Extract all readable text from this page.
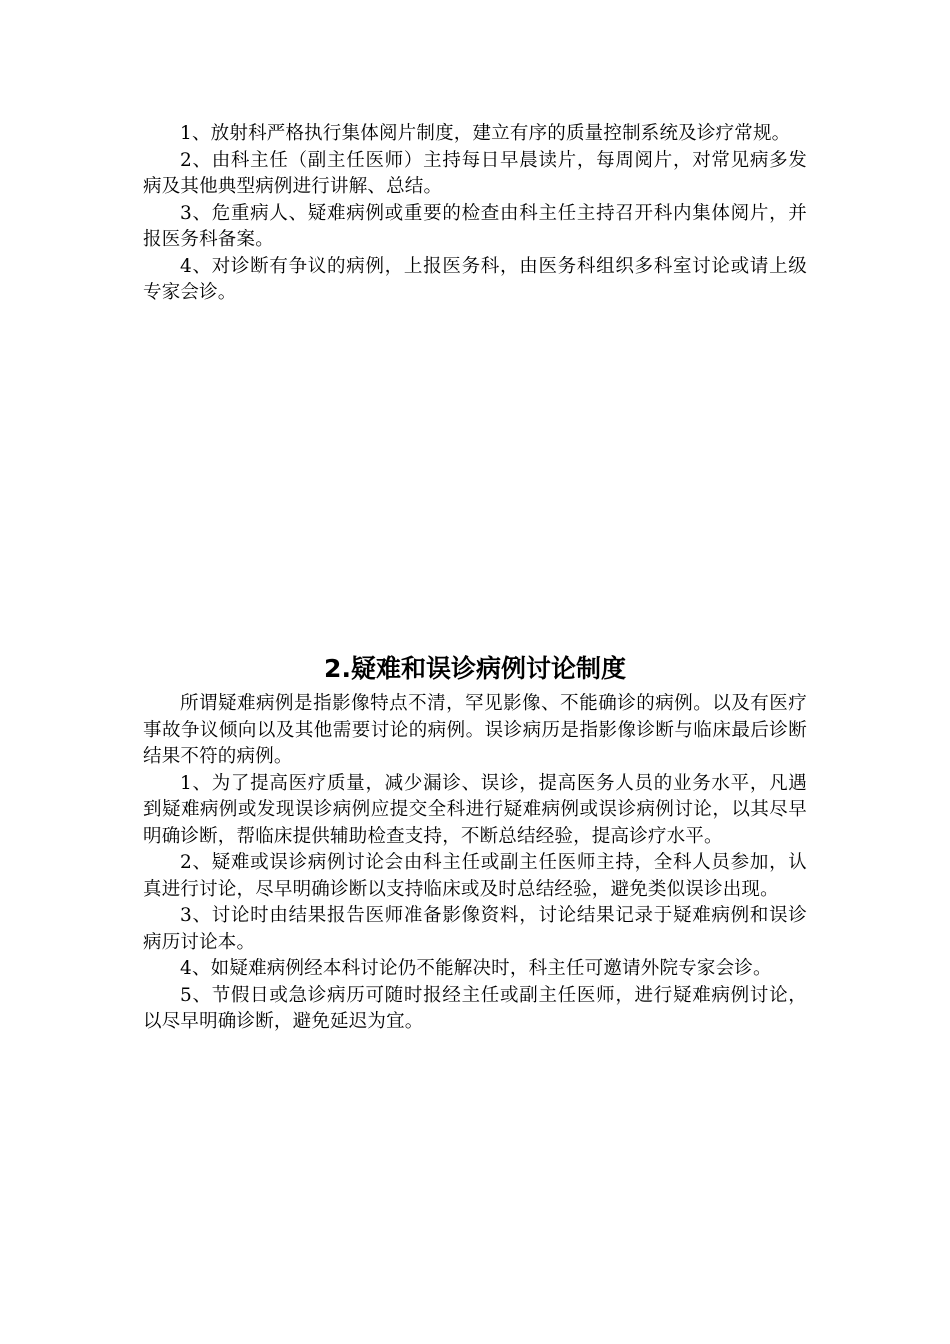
1、放射科严格执行集体阅片制度，建立有序的质量控制系统及诊疗常规。

2、由科主任（副主任医师）主持每日早晨读片，每周阅片，对常见病多发病及其他典型病例进行讲解、总结。

3、危重病人、疑难病例或重要的检查由科主任主持召开科内集体阅片，并报医务科备案。

4、对诊断有争议的病例，上报医务科，由医务科组织多科室讨论或请上级专家会诊。

2.疑难和误诊病例讨论制度

所谓疑难病例是指影像特点不清，罕见影像、不能确诊的病例。以及有医疗事故争议倾向以及其他需要讨论的病例。误诊病历是指影像诊断与临床最后诊断结果不符的病例。

1、为了提高医疗质量，减少漏诊、误诊，提高医务人员的业务水平，凡遇到疑难病例或发现误诊病例应提交全科进行疑难病例或误诊病例讨论，以其尽早明确诊断，帮临床提供辅助检查支持，不断总结经验，提高诊疗水平。

2、疑难或误诊病例讨论会由科主任或副主任医师主持，全科人员参加，认真进行讨论，尽早明确诊断以支持临床或及时总结经验，避免类似误诊出现。

3、讨论时由结果报告医师准备影像资料，讨论结果记录于疑难病例和误诊病历讨论本。

4、如疑难病例经本科讨论仍不能解决时，科主任可邀请外院专家会诊。

5、节假日或急诊病历可随时报经主任或副主任医师，进行疑难病例讨论，以尽早明确诊断，避免延迟为宜。
